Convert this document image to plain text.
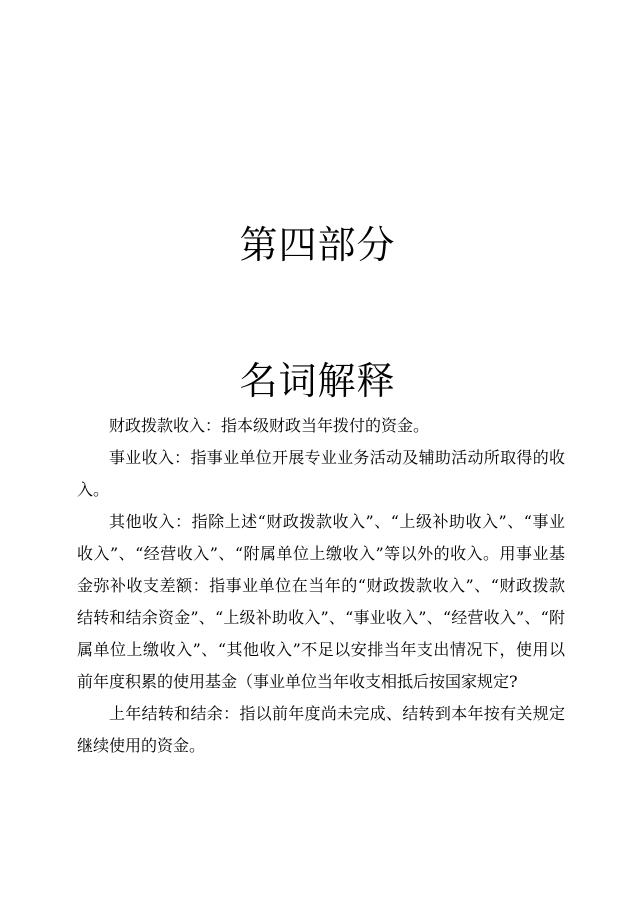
第四部分
名词解释

财政拨款收入：指本级财政当年拨付的资金。

事业收入：指事业单位开展专业业务活动及辅助活动所取得的收入。

其他收入：指除上述“财政拨款收入”、“上级补助收入”、“事业收入”、“经营收入”、“附属单位上缴收入”等以外的收入。用事业基金弥补收支差额：指事业单位在当年的“财政拨款收入”、“财政拨款结转和结余资金”、“上级补助收入”、“事业收入”、“经营收入”、“附属单位上缴收入”、“其他收入”不足以安排当年支出情况下，使用以前年度积累的使用基金（事业单位当年收支相抵后按国家规定?

上年结转和结余：指以前年度尚未完成、结转到本年按有关规定继续使用的资金。
